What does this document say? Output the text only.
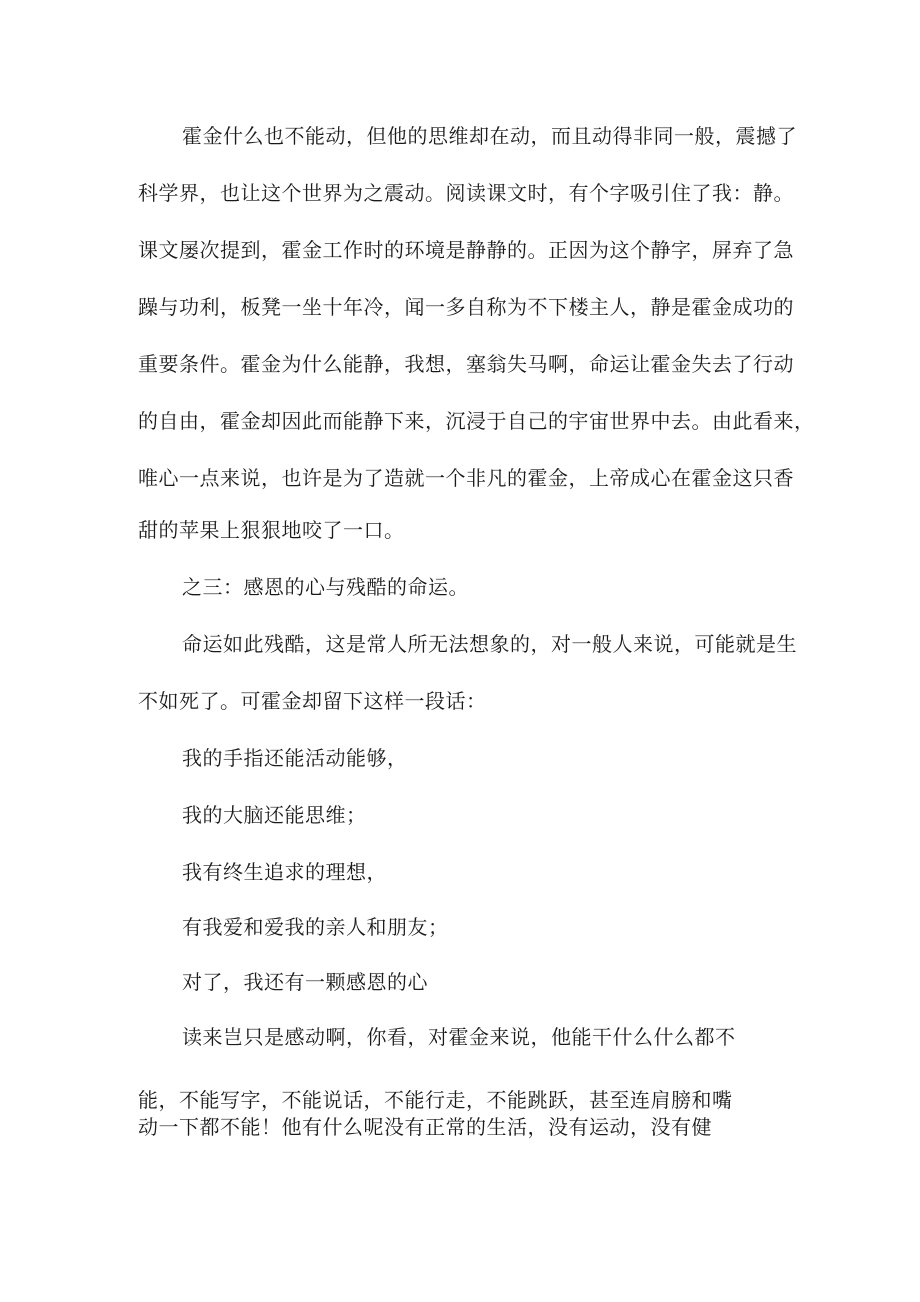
霍金什么也不能动，但他的思维却在动，而且动得非同一般，震撼了
科学界，也让这个世界为之震动。阅读课文时，有个字吸引住了我：静。
课文屡次提到，霍金工作时的环境是静静的。正因为这个静字，屏弃了急
躁与功利，板凳一坐十年冷，闻一多自称为不下楼主人，静是霍金成功的
重要条件。霍金为什么能静，我想，塞翁失马啊，命运让霍金失去了行动
的自由，霍金却因此而能静下来，沉浸于自己的宇宙世界中去。由此看来，
唯心一点来说，也许是为了造就一个非凡的霍金，上帝成心在霍金这只香
甜的苹果上狠狠地咬了一口。
之三：感恩的心与残酷的命运。
命运如此残酷，这是常人所无法想象的，对一般人来说，可能就是生
不如死了。可霍金却留下这样一段话：
我的手指还能活动能够，
我的大脑还能思维；
我有终生追求的理想，
有我爱和爱我的亲人和朋友；
对了，我还有一颗感恩的心
读来岂只是感动啊，你看，对霍金来说，他能干什么什么都不
能，不能写字，不能说话，不能行走，不能跳跃，甚至连肩膀和嘴
动一下都不能！他有什么呢没有正常的生活，没有运动，没有健
